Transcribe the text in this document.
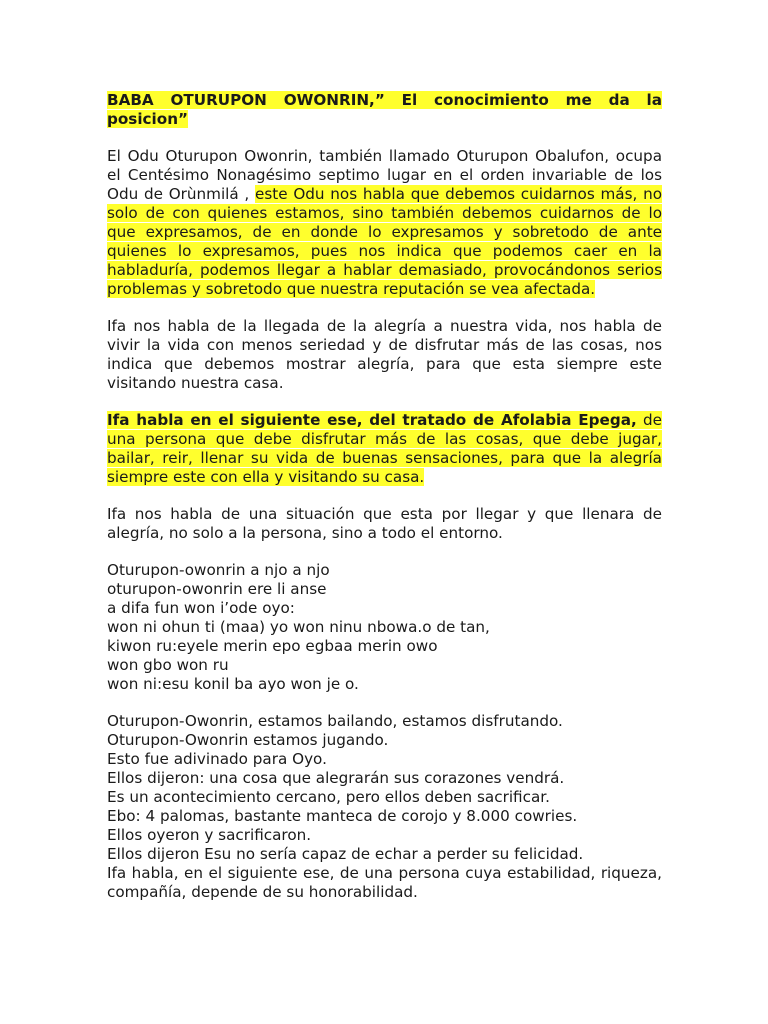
BABA OTURUPON OWONRIN,” El conocimiento me da la posicion”

El Odu Oturupon Owonrin, también llamado Oturupon Obalufon, ocupa el Centésimo Nonagésimo septimo lugar en el orden invariable de los Odu de Orùnmilá , este Odu nos habla que debemos cuidarnos más, no solo de con quienes estamos, sino también debemos cuidarnos de lo que expresamos, de en donde lo expresamos y sobretodo de ante quienes lo expresamos, pues nos indica que podemos caer en la habladuría, podemos llegar a hablar demasiado, provocándonos serios problemas y sobretodo que nuestra reputación se vea afectada.

Ifa nos habla de la llegada de la alegría a nuestra vida, nos habla de vivir la vida con menos seriedad y de disfrutar más de las cosas, nos indica que debemos mostrar alegría, para que esta siempre este visitando nuestra casa.

Ifa habla en el siguiente ese, del tratado de Afolabia Epega, de una persona que debe disfrutar más de las cosas, que debe jugar, bailar, reir, llenar su vida de buenas sensaciones, para que la alegría siempre este con ella y visitando su casa.

Ifa nos habla de una situación que esta por llegar y que llenara de alegría, no solo a la persona, sino a todo el entorno.

Oturupon-owonrin a njo a njo
oturupon-owonrin ere li anse
a difa fun won i’ode oyo:
won ni ohun ti (maa) yo won ninu nbowa.o de tan,
kiwon ru:eyele merin epo egbaa merin owo
won gbo won ru
won ni:esu konil ba ayo won je o.
Oturupon-Owonrin, estamos bailando, estamos disfrutando.
Oturupon-Owonrin estamos jugando.
Esto fue adivinado para Oyo.
Ellos dijeron: una cosa que alegrarán sus corazones vendrá.
Es un acontecimiento cercano, pero ellos deben sacrificar.
Ebo: 4 palomas, bastante manteca de corojo y 8.000 cowries.
Ellos oyeron y sacrificaron.
Ellos dijeron Esu no sería capaz de echar a perder su felicidad.

Ifa habla, en el siguiente ese, de una persona cuya estabilidad, riqueza, compañía, depende de su honorabilidad.
